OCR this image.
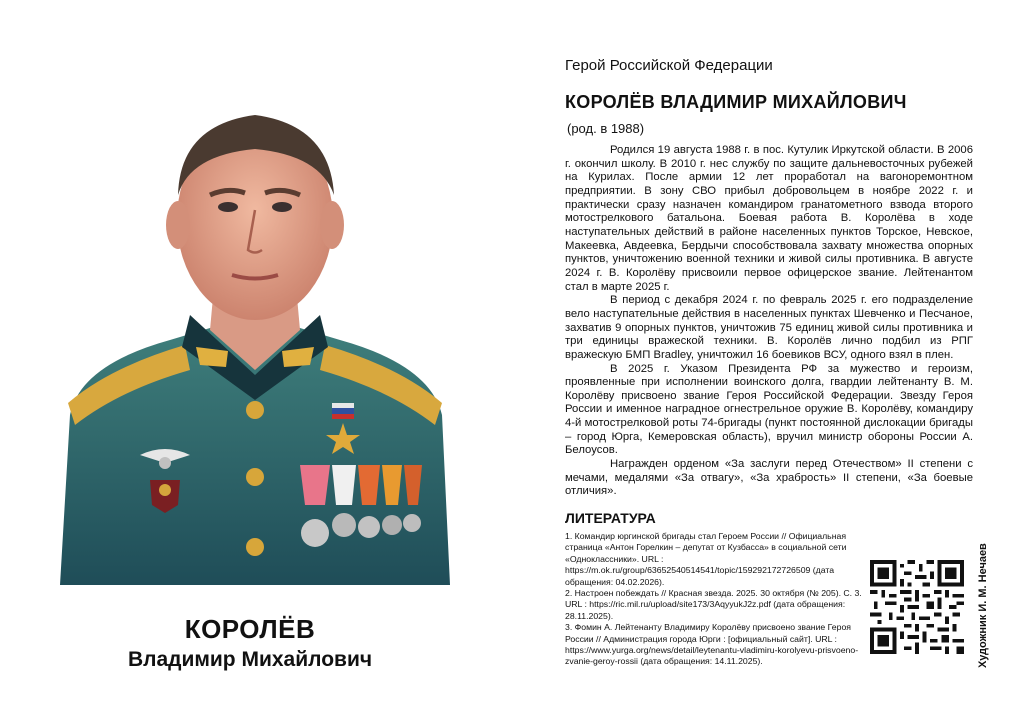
КОРОЛЁВ
Владимир Михайлович
Герой Российской Федерации
КОРОЛЁВ ВЛАДИМИР МИХАЙЛОВИЧ
(род. в 1988)

Родился 19 августа 1988 г. в пос. Кутулик Иркутской области. В 2006 г. окончил школу. В 2010 г. нес службу по защите дальневосточных рубежей на Курилах. После армии 12 лет проработал на вагоноремонтном предприятии. В зону СВО прибыл добровольцем в ноябре 2022 г. и практически сразу назначен командиром гранатометного взвода второго мотострелкового батальона. Боевая работа В. Королёва в ходе наступательных действий в районе населенных пунктов Торское, Невское, Макеевка, Авдеевка, Бердычи способствовала захвату множества опорных пунктов, уничтожению военной техники и живой силы противника. В августе 2024 г. В. Королёву присвоили первое офицерское звание. Лейтенантом стал в марте 2025 г.

В период с декабря 2024 г. по февраль 2025 г. его подразделение вело наступательные действия в населенных пунктах Шевченко и Песчаное, захватив 9 опорных пунктов, уничтожив 75 единиц живой силы противника и три единицы вражеской техники. В. Королёв лично подбил из РПГ вражескую БМП Bradley, уничтожил 16 боевиков ВСУ, одного взял в плен.

В 2025 г. Указом Президента РФ за мужество и героизм, проявленные при исполнении воинского долга, гвардии лейтенанту В. М. Королёву присвоено звание Героя Российской Федерации. Звезду Героя России и именное наградное огнестрельное оружие В. Королёву, командиру 4-й мотострелковой роты 74-бригады (пункт постоянной дислокации бригады – город Юрга, Кемеровская область), вручил министр обороны России А. Белоусов.

Награжден орденом «За заслуги перед Отечеством» II степени с мечами, медалями «За отвагу», «За храбрость» II степени, «За боевые отличия».

ЛИТЕРАТУРА
1. Командир юргинской бригады стал Героем России // Официальная страница «Антон Горелкин – депутат от Кузбасса» в социальной сети «Одноклассники». URL : https://m.ok.ru/group/63652540514541/topic/159292172726509 (дата обращения: 04.02.2026).
2. Настроен побеждать // Красная звезда. 2025. 30 октября (№ 205). С. 3. URL : https://ric.mil.ru/upload/site173/3AqyyukJ2z.pdf (дата обращения: 28.11.2025).
3. Фомин А. Лейтенанту Владимиру Королёву присвоено звание Героя России // Администрация города Юрги : [официальный сайт]. URL : https://www.yurga.org/news/detail/leytenantu-vladimiru-korolyevu-prisvoeno-zvanie-geroy-rossii (дата обращения: 14.11.2025).	Художник И. М. Нечаев
